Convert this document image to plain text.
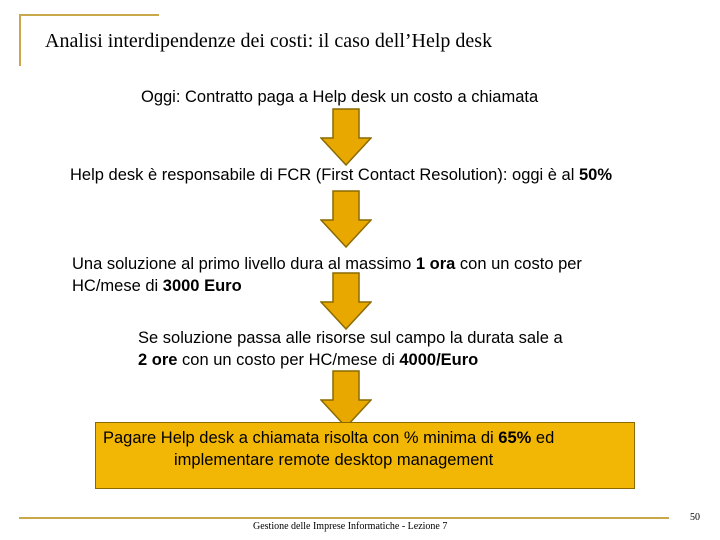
Analisi interdipendenze dei costi: il caso dell’Help desk
Oggi: Contratto paga a Help desk un costo a chiamata
Help desk è responsabile di FCR (First Contact Resolution): oggi è al 50%
Una soluzione al primo livello dura al massimo 1 ora con un costo per
HC/mese di 3000 Euro
Se soluzione passa alle risorse sul campo la durata sale a
2 ore con un costo per HC/mese di 4000/Euro
Pagare Help desk a chiamata risolta con % minima di 65% ed
implementare remote desktop management
Gestione delle Imprese Informatiche - Lezione 7
50
